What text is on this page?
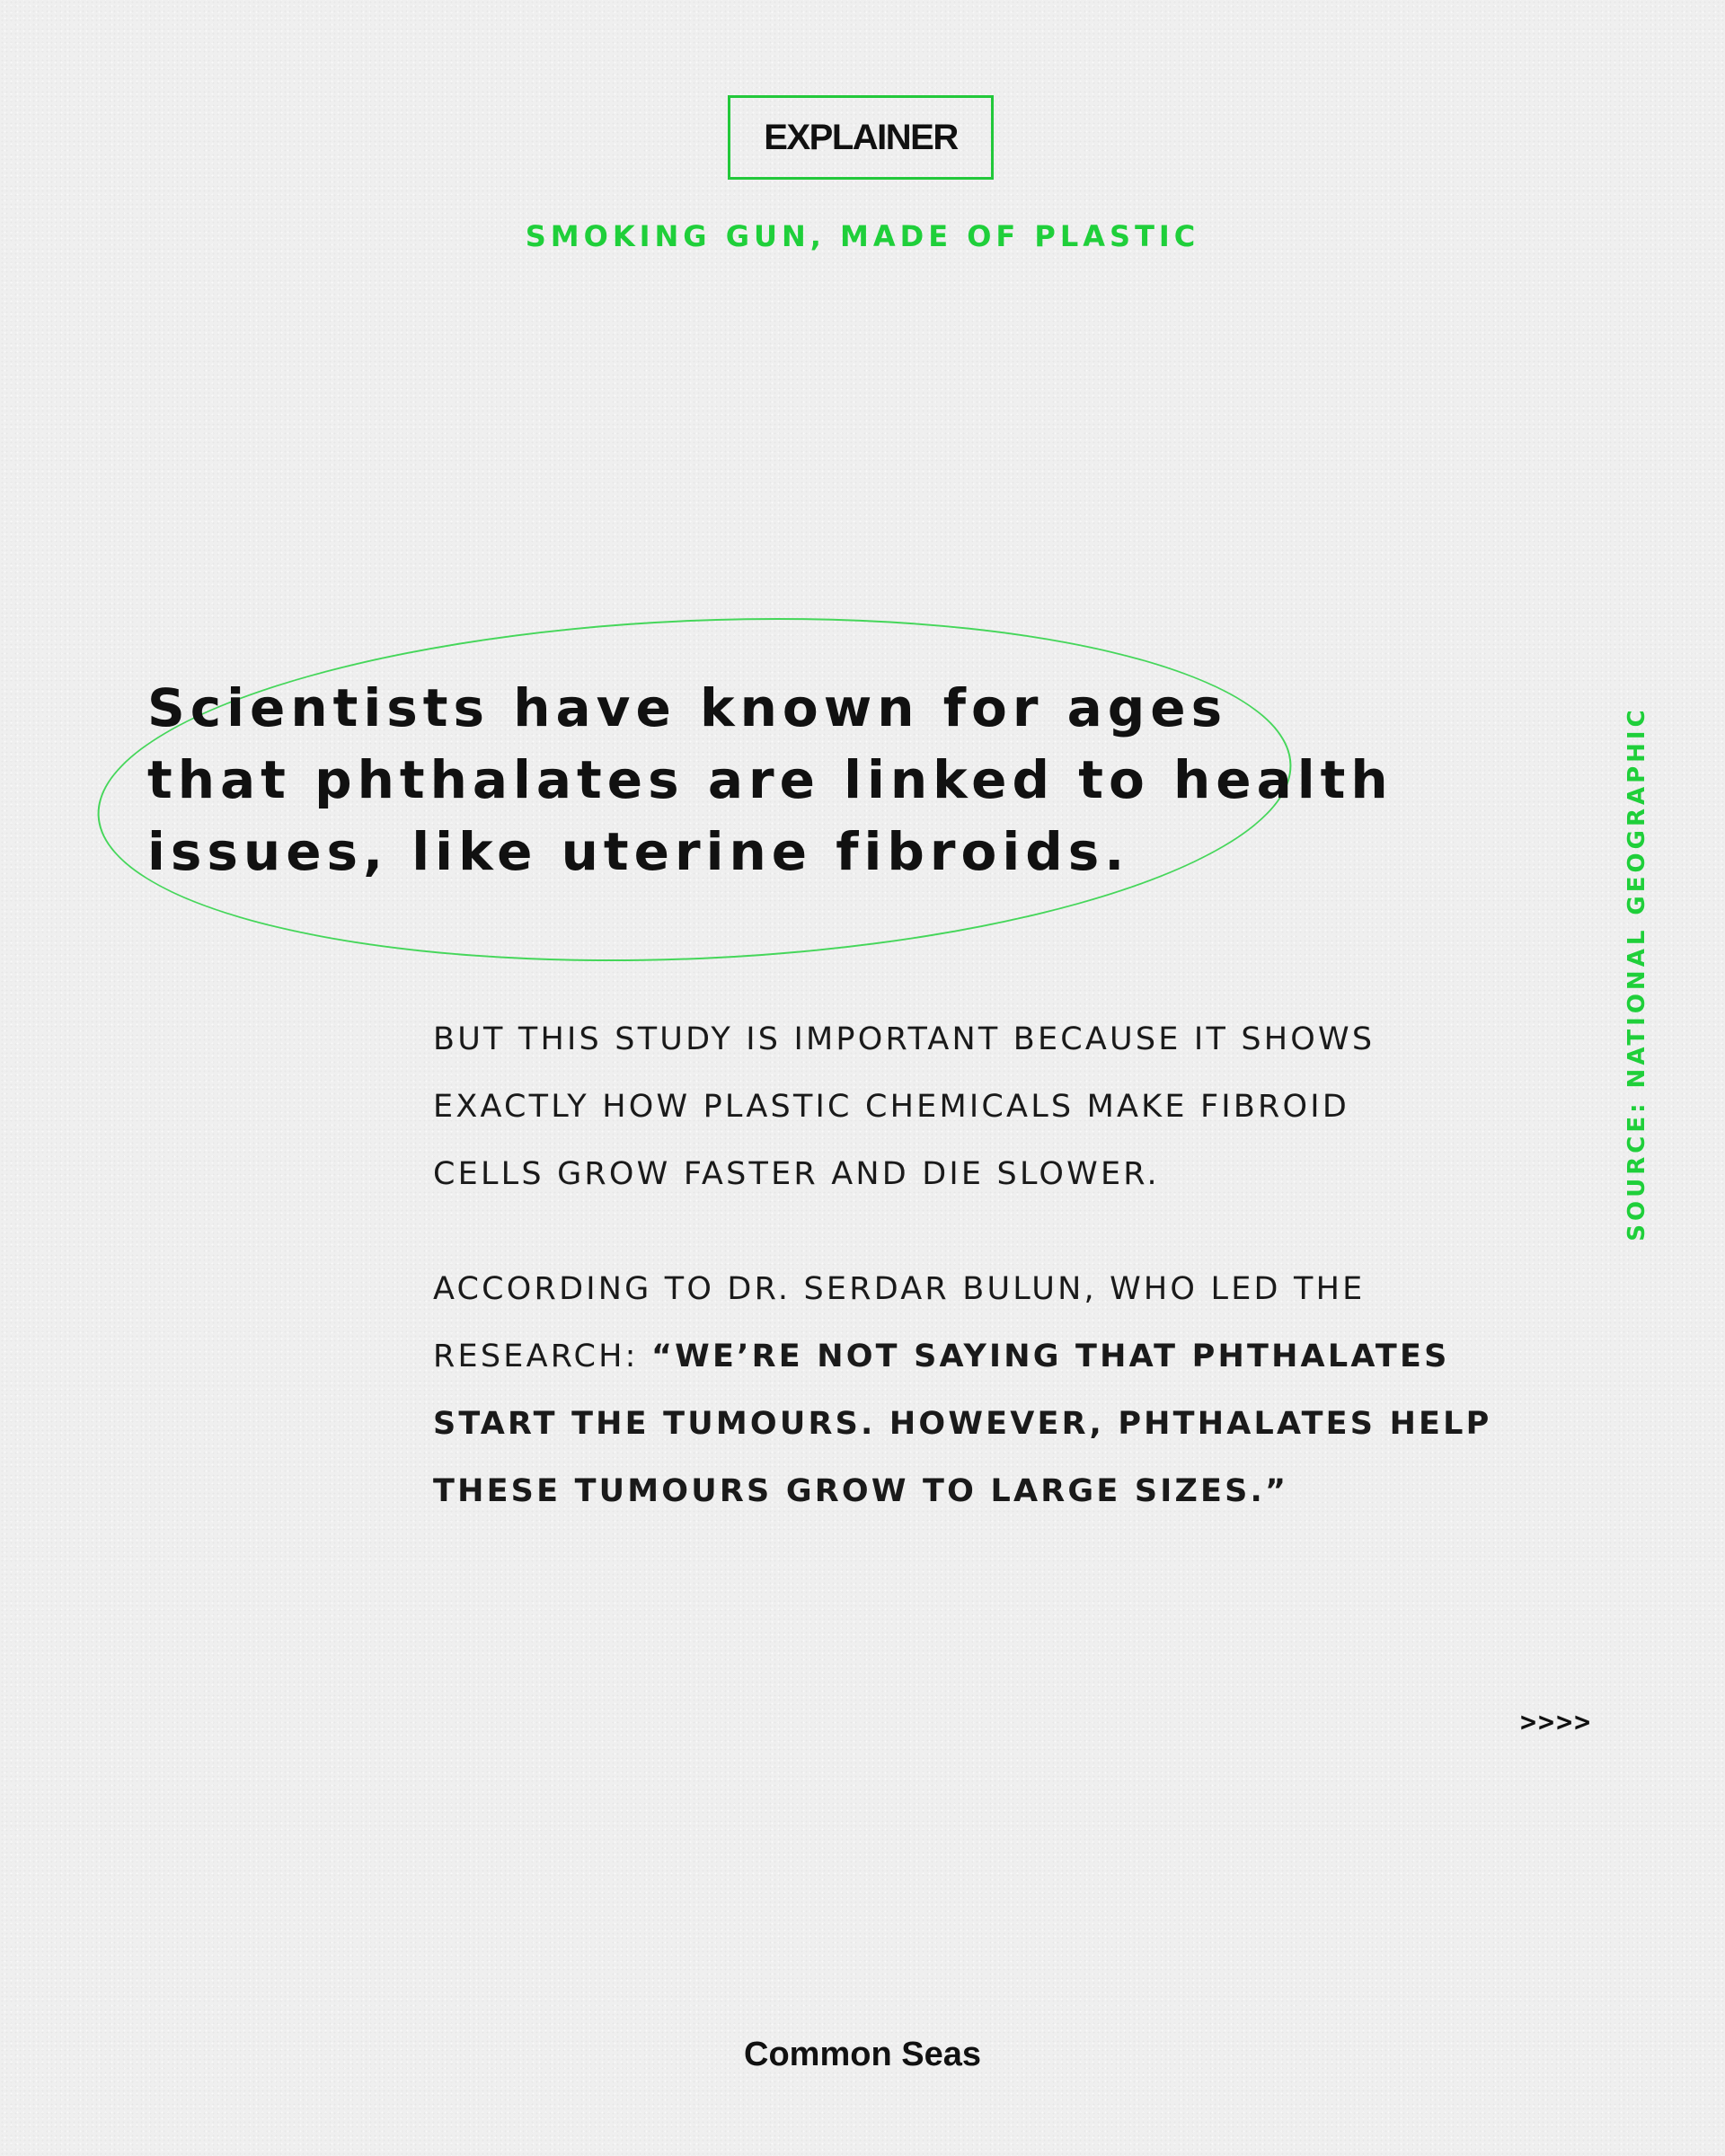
EXPLAINER
SMOKING GUN, MADE OF PLASTIC
Scientists have known for ages
that phthalates are linked to health
issues, like uterine fibroids.
BUT THIS STUDY IS IMPORTANT BECAUSE IT SHOWS
EXACTLY HOW PLASTIC CHEMICALS MAKE FIBROID
CELLS GROW FASTER AND DIE SLOWER.
ACCORDING TO DR. SERDAR BULUN, WHO LED THE
RESEARCH: “WE’RE NOT SAYING THAT PHTHALATES
START THE TUMOURS. HOWEVER, PHTHALATES HELP
THESE TUMOURS GROW TO LARGE SIZES.”
SOURCE: NATIONAL GEOGRAPHIC
>>>>
Common Seas
